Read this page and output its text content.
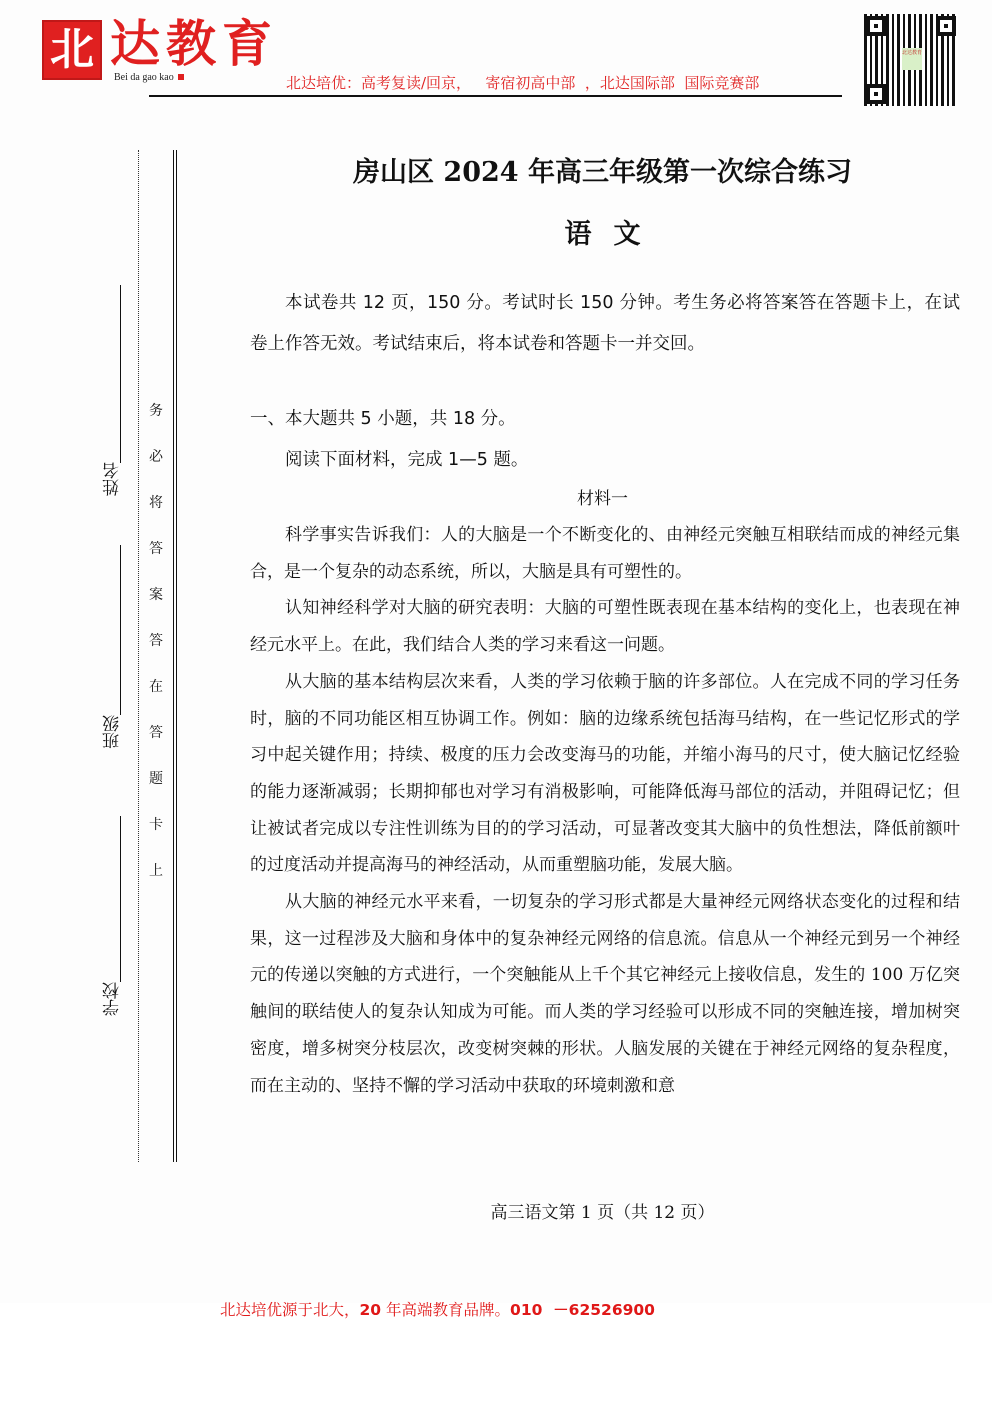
北 达教育
Bei da gao kao	北达培优：高考复读/回京，   寄宿初高中部  ，北达国际部  国际竞赛部
北达教育
务
必
将
答
案
答
在
答
题
卡
上
姓名
班级
学校
房山区 2024 年高三年级第一次综合练习
语文
本试卷共 12 页，150 分。考试时长 150 分钟。考生务必将答案答在答题卡上，在试卷上作答无效。考试结束后，将本试卷和答题卡一并交回。
一、本大题共 5 小题，共 18 分。
阅读下面材料，完成 1—5 题。
材料一

科学事实告诉我们：人的大脑是一个不断变化的、由神经元突触互相联结而成的神经元集合，是一个复杂的动态系统，所以，大脑是具有可塑性的。

认知神经科学对大脑的研究表明：大脑的可塑性既表现在基本结构的变化上，也表现在神经元水平上。在此，我们结合人类的学习来看这一问题。

从大脑的基本结构层次来看，人类的学习依赖于脑的许多部位。人在完成不同的学习任务时，脑的不同功能区相互协调工作。例如：脑的边缘系统包括海马结构，在一些记忆形式的学习中起关键作用；持续、极度的压力会改变海马的功能，并缩小海马的尺寸，使大脑记忆经验的能力逐渐减弱；长期抑郁也对学习有消极影响，可能降低海马部位的活动，并阻碍记忆；但让被试者完成以专注性训练为目的的学习活动，可显著改变其大脑中的负性想法，降低前额叶的过度活动并提高海马的神经活动，从而重塑脑功能，发展大脑。

从大脑的神经元水平来看，一切复杂的学习形式都是大量神经元网络状态变化的过程和结果，这一过程涉及大脑和身体中的复杂神经元网络的信息流。信息从一个神经元到另一个神经元的传递以突触的方式进行，一个突触能从上千个其它神经元上接收信息，发生的 100 万亿突触间的联结使人的复杂认知成为可能。而人类的学习经验可以形成不同的突触连接，增加树突密度，增多树突分枝层次，改变树突棘的形状。人脑发展的关键在于神经元网络的复杂程度，而在主动的、坚持不懈的学习活动中获取的环境刺激和意

高三语文第 1 页（共 12 页）
北达培优源于北大，20 年高端教育品牌。010  －62526900
